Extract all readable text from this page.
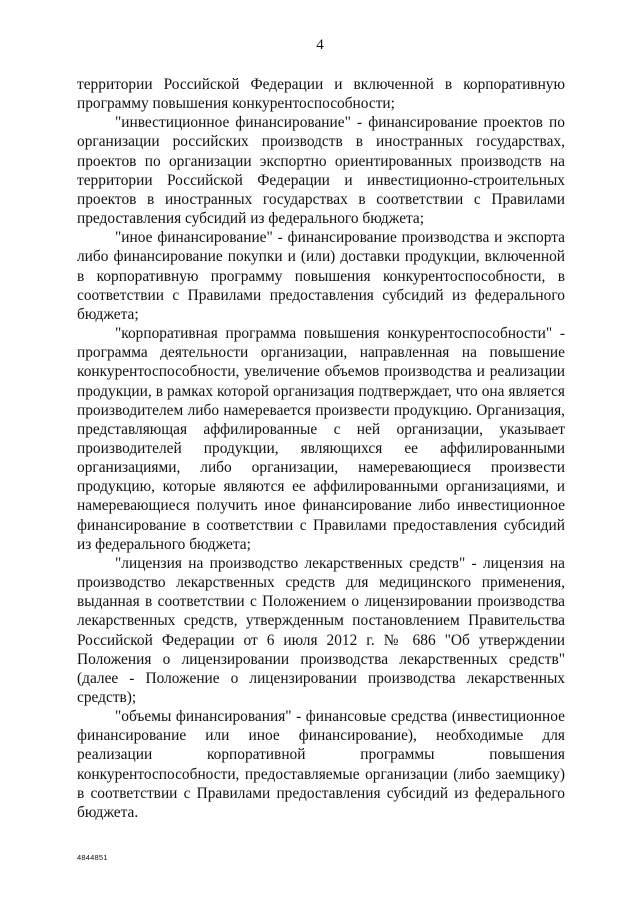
4

территории Российской Федерации и включенной в корпоративную программу повышения конкурентоспособности;

"инвестиционное финансирование" - финансирование проектов по организации российских производств в иностранных государствах, проектов по организации экспортно ориентированных производств на территории Российской Федерации и инвестиционно-строительных проектов в иностранных государствах в соответствии с Правилами предоставления субсидий из федерального бюджета;

"иное финансирование" - финансирование производства и экспорта либо финансирование покупки и (или) доставки продукции, включенной в корпоративную программу повышения конкурентоспособности, в соответствии с Правилами предоставления субсидий из федерального бюджета;

"корпоративная программа повышения конкурентоспособности" - программа деятельности организации, направленная на повышение конкурентоспособности, увеличение объемов производства и реализации продукции, в рамках которой организация подтверждает, что она является производителем либо намеревается произвести продукцию. Организация, представляющая аффилированные с ней организации, указывает производителей продукции, являющихся ее аффилированными организациями, либо организации, намеревающиеся произвести продукцию, которые являются ее аффилированными организациями, и намеревающиеся получить иное финансирование либо инвестиционное финансирование в соответствии с Правилами предоставления субсидий из федерального бюджета;

"лицензия на производство лекарственных средств" - лицензия на производство лекарственных средств для медицинского применения, выданная в соответствии с Положением о лицензировании производства лекарственных средств, утвержденным постановлением Правительства Российской Федерации от 6 июля 2012 г. № 686 "Об утверждении Положения о лицензировании производства лекарственных средств" (далее - Положение о лицензировании производства лекарственных средств);

"объемы финансирования" - финансовые средства (инвестиционное финансирование или иное финансирование), необходимые для реализации корпоративной программы повышения конкурентоспособности, предоставляемые организации (либо заемщику) в соответствии с Правилами предоставления субсидий из федерального бюджета.

4844851
